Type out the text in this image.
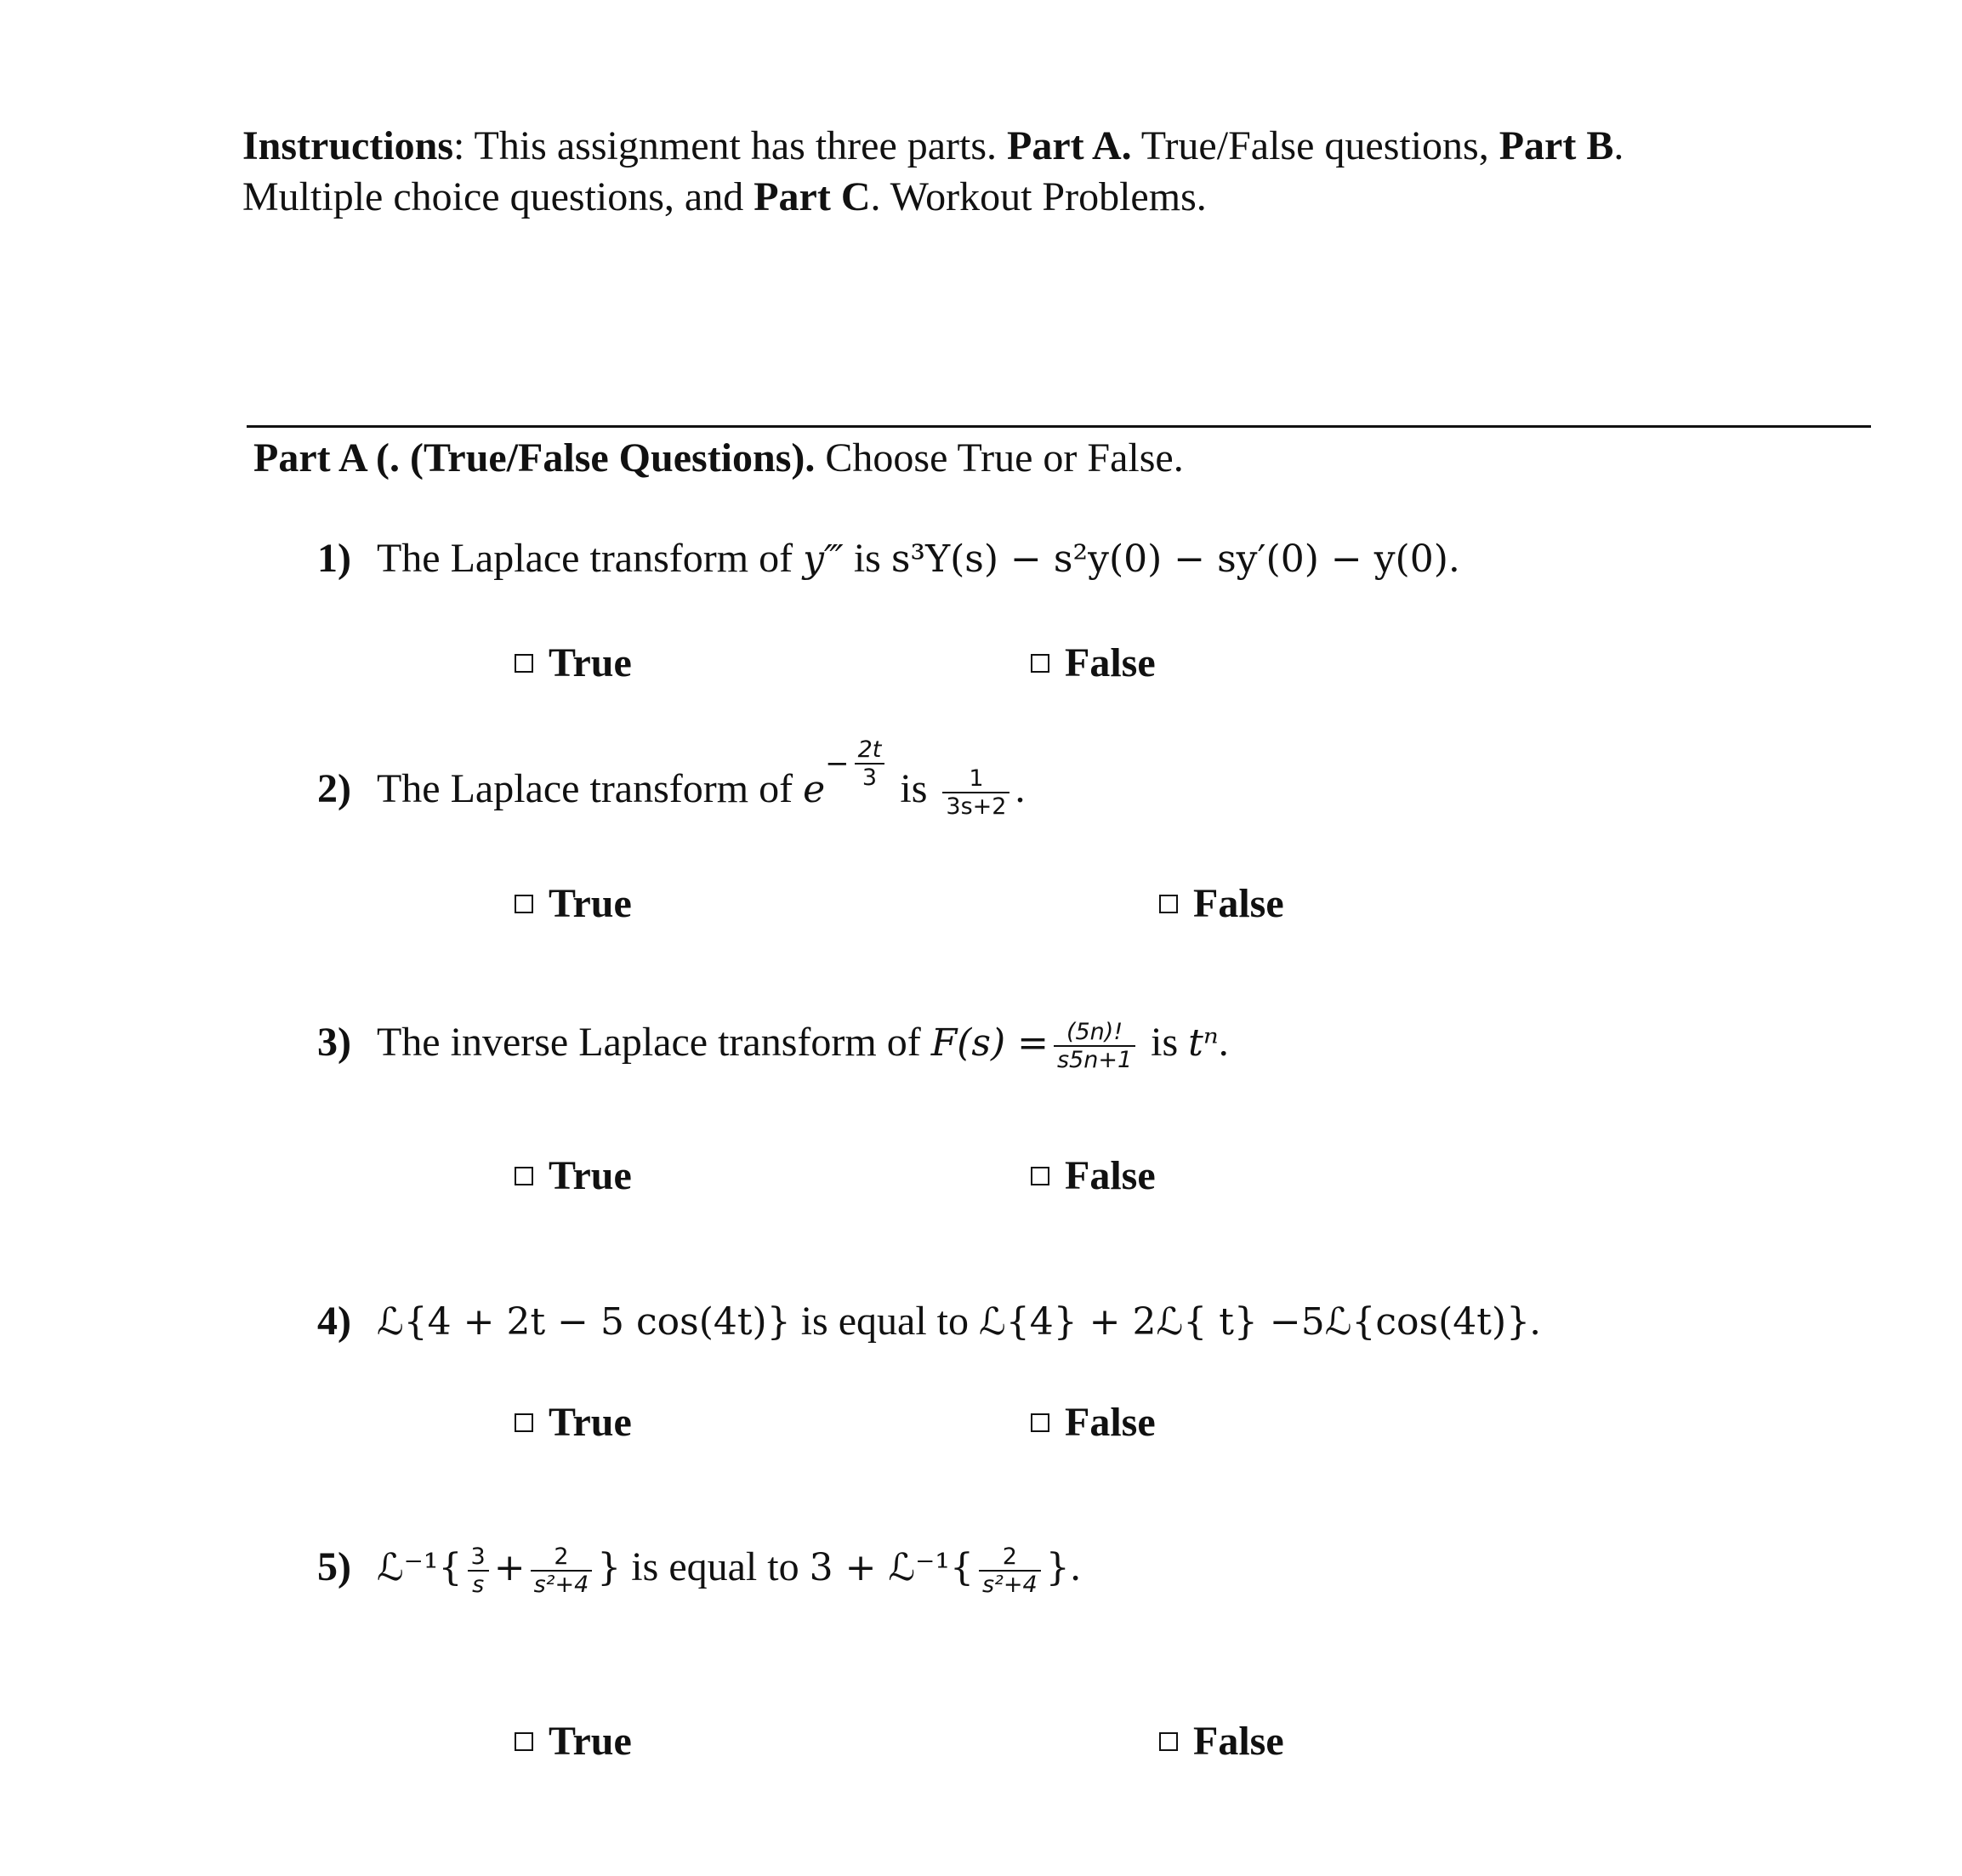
Instructions: This assignment has three parts. Part A. True/False questions, Part B.
Multiple choice questions, and Part C. Workout Problems.
Part A (. (True/False Questions). Choose True or False.
1) The Laplace transform of y‴ is s³Y(s) − s²y(0) − sy′(0) − y(0).
True	False
2) The Laplace transform of e
− $\frac{2t}{3}$ is $\frac{1}{3s+2}$ .
True	False
3) The inverse Laplace transform of $F(s) = \frac{(5n)!}{s5n+1}$ is tⁿ.
True	False
4) ℒ{4 + 2t − 5 cos(4t)} is equal to ℒ{4} + 2ℒ{ t} −5ℒ{cos(4t)}.
True	False
5) ℒ⁻¹{ $\frac{3}{s} + \frac{2}{\text{s²+4}}$ } is equal to 3 + ℒ⁻¹{ $\frac{2}{\text{s²+4}}$ }.
True	False
